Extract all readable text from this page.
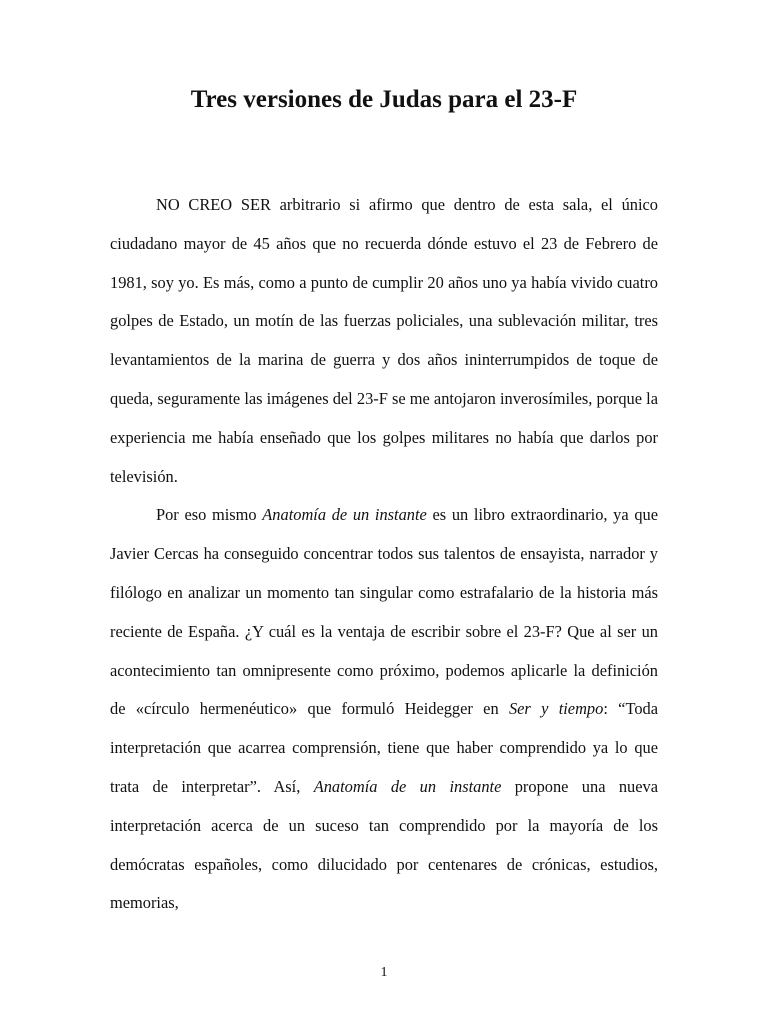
Tres versiones de Judas para el 23-F

NO CREO SER arbitrario si afirmo que dentro de esta sala, el único ciudadano mayor de 45 años que no recuerda dónde estuvo el 23 de Febrero de 1981, soy yo. Es más, como a punto de cumplir 20 años uno ya había vivido cuatro golpes de Estado, un motín de las fuerzas policiales, una sublevación militar, tres levantamientos de la marina de guerra y dos años ininterrumpidos de toque de queda, seguramente las imágenes del 23-F se me antojaron inverosímiles, porque la experiencia me había enseñado que los golpes militares no había que darlos por televisión.

Por eso mismo Anatomía de un instante es un libro extraordinario, ya que Javier Cercas ha conseguido concentrar todos sus talentos de ensayista, narrador y filólogo en analizar un momento tan singular como estrafalario de la historia más reciente de España. ¿Y cuál es la ventaja de escribir sobre el 23-F? Que al ser un acontecimiento tan omnipresente como próximo, podemos aplicarle la definición de «círculo hermenéutico» que formuló Heidegger en Ser y tiempo: “Toda interpretación que acarrea comprensión, tiene que haber comprendido ya lo que trata de interpretar”. Así, Anatomía de un instante propone una nueva interpretación acerca de un suceso tan comprendido por la mayoría de los demócratas españoles, como dilucidado por centenares de crónicas, estudios, memorias,

1
